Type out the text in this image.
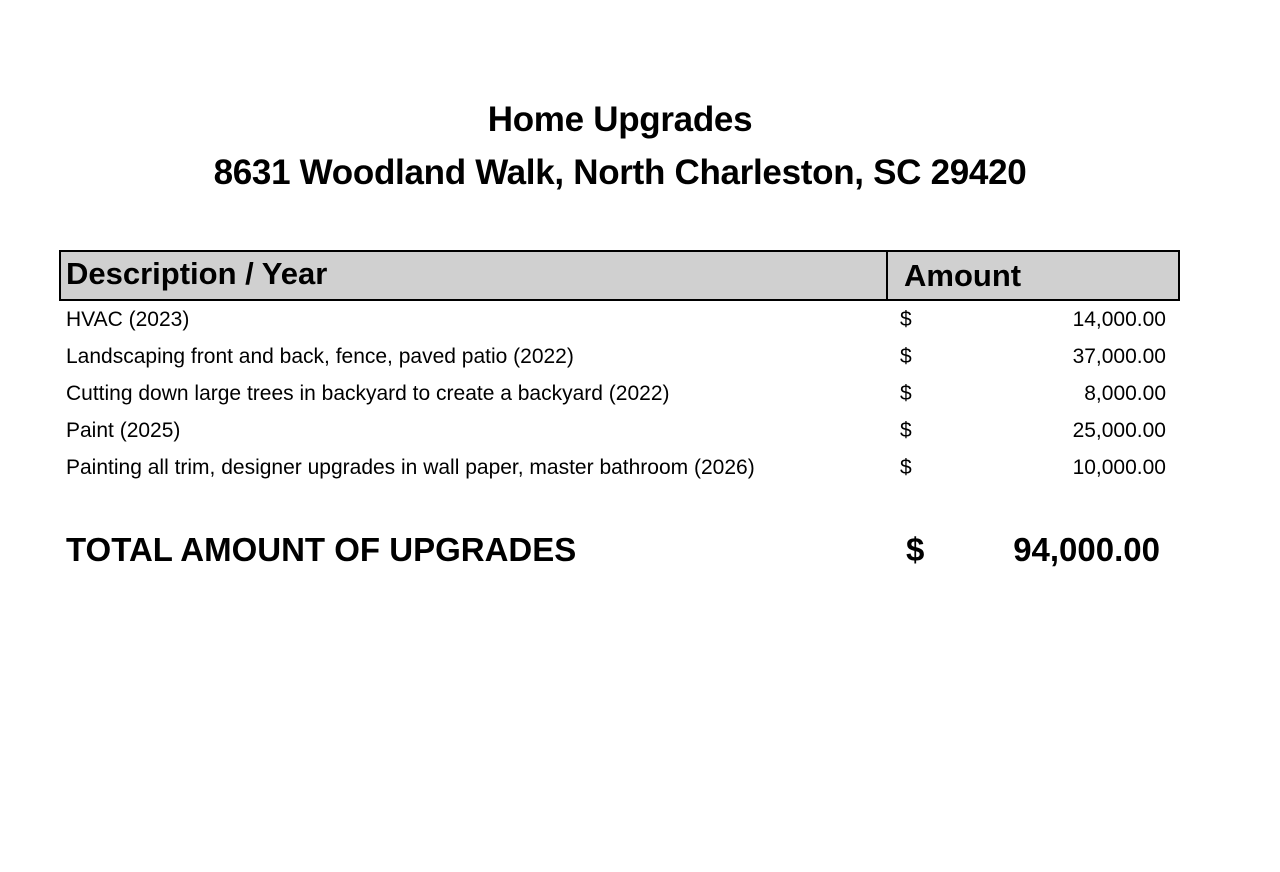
Home Upgrades
8631 Woodland Walk, North Charleston, SC 29420
Description / Year	Amount
HVAC (2023)	$	14,000.00
Landscaping front and back, fence, paved patio (2022)	$	37,000.00
Cutting down large trees in backyard to create a backyard (2022)	$	8,000.00
Paint (2025)	$	25,000.00
Painting all trim, designer upgrades in wall paper, master bathroom (2026)	$	10,000.00
TOTAL AMOUNT OF UPGRADES	$	94,000.00
